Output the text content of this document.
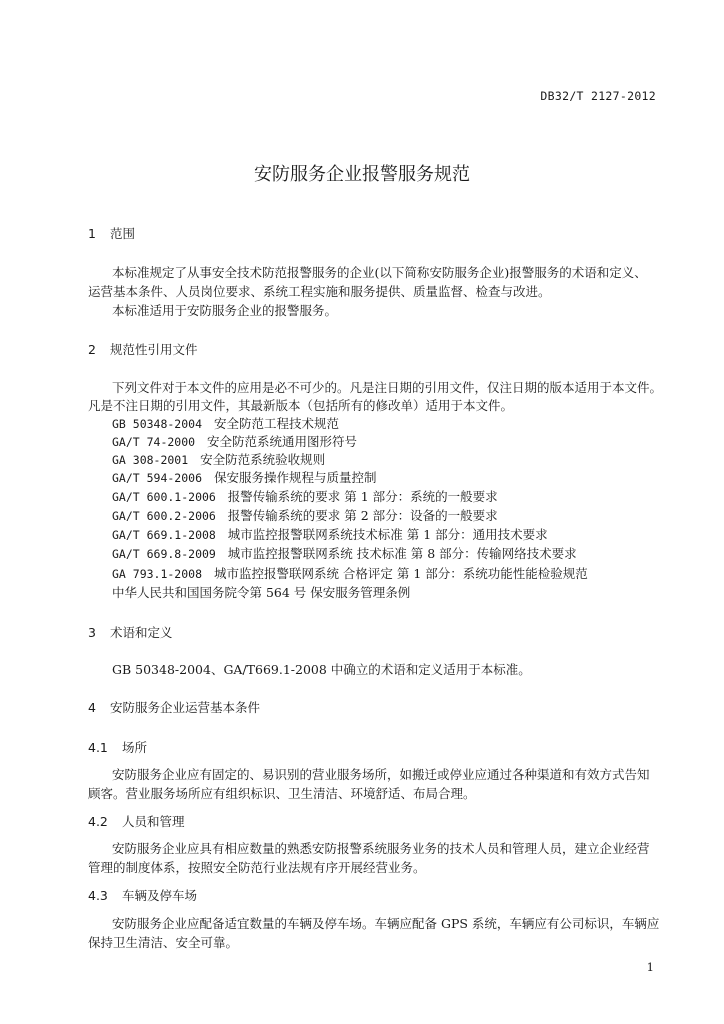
DB32/T 2127-2012
安防服务企业报警服务规范
1 范围
本标准规定了从事安全技术防范报警服务的企业(以下简称安防服务企业)报警服务的术语和定义、
运营基本条件、人员岗位要求、系统工程实施和服务提供、质量监督、检查与改进。
本标准适用于安防服务企业的报警服务。
2 规范性引用文件
下列文件对于本文件的应用是必不可少的。凡是注日期的引用文件，仅注日期的版本适用于本文件。
凡是不注日期的引用文件，其最新版本（包括所有的修改单）适用于本文件。
GB 50348-2004 安全防范工程技术规范
GA/T 74-2000 安全防范系统通用图形符号
GA 308-2001 安全防范系统验收规则
GA/T 594-2006 保安服务操作规程与质量控制
GA/T 600.1-2006 报警传输系统的要求 第 1 部分：系统的一般要求
GA/T 600.2-2006 报警传输系统的要求 第 2 部分：设备的一般要求
GA/T 669.1-2008 城市监控报警联网系统技术标准 第 1 部分：通用技术要求
GA/T 669.8-2009 城市监控报警联网系统 技术标准 第 8 部分：传输网络技术要求
GA 793.1-2008 城市监控报警联网系统 合格评定 第 1 部分：系统功能性能检验规范
中华人民共和国国务院令第 564 号 保安服务管理条例
3 术语和定义
GB 50348-2004、GA/T669.1-2008 中确立的术语和定义适用于本标准。
4 安防服务企业运营基本条件
4.1 场所
安防服务企业应有固定的、易识别的营业服务场所，如搬迁或停业应通过各种渠道和有效方式告知
顾客。营业服务场所应有组织标识、卫生清洁、环境舒适、布局合理。
4.2 人员和管理
安防服务企业应具有相应数量的熟悉安防报警系统服务业务的技术人员和管理人员，建立企业经营
管理的制度体系，按照安全防范行业法规有序开展经营业务。
4.3 车辆及停车场
安防服务企业应配备适宜数量的车辆及停车场。车辆应配备 GPS 系统，车辆应有公司标识，车辆应
保持卫生清洁、安全可靠。
1
